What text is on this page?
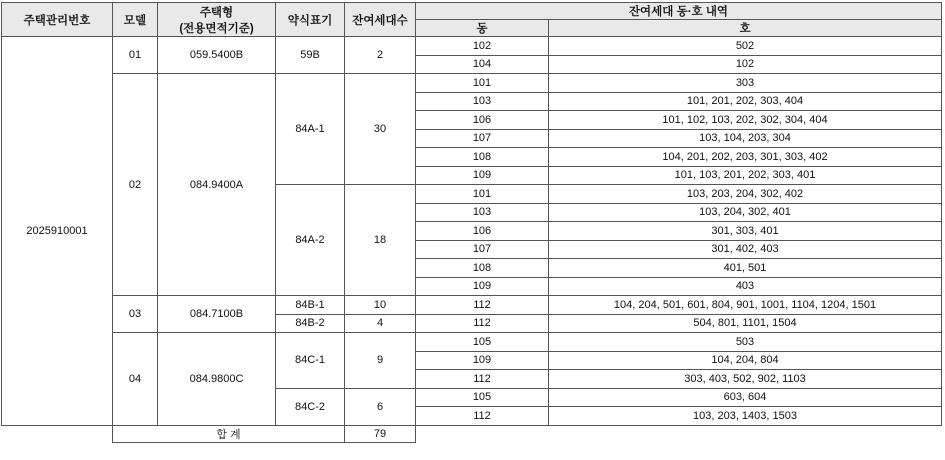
주택관리번호	모델	주택형
(전용면적기준)	약식표기	잔여세대수	잔여세대 동·호 내역	
					동	호
2025910001	01	059.5400B	59B	2	102	502
					104	102
	02	084.9400A	84A-1	30	101	303
					103	101, 201, 202, 303, 404
					106	101, 102, 103, 202, 302, 304, 404
					107	103, 104, 203, 304
					108	104, 201, 202, 203, 301, 303, 402
					109	101, 103, 201, 202, 303, 401
			84A-2	18	101	103, 203, 204, 302, 402
					103	103, 204, 302, 401
					106	301, 303, 401
					107	301, 402, 403
					108	401, 501
					109	403
	03	084.7100B	84B-1	10	112	104, 204, 501, 601, 804, 901, 1001, 1104, 1204, 1501
			84B-2	4	112	504, 801, 1101, 1504
	04	084.9800C	84C-1	9	105	503
					109	104, 204, 804
					112	303, 403, 502, 902, 1103
			84C-2	6	105	603, 604
					112	103, 203, 1403, 1503
	합 계			79		
